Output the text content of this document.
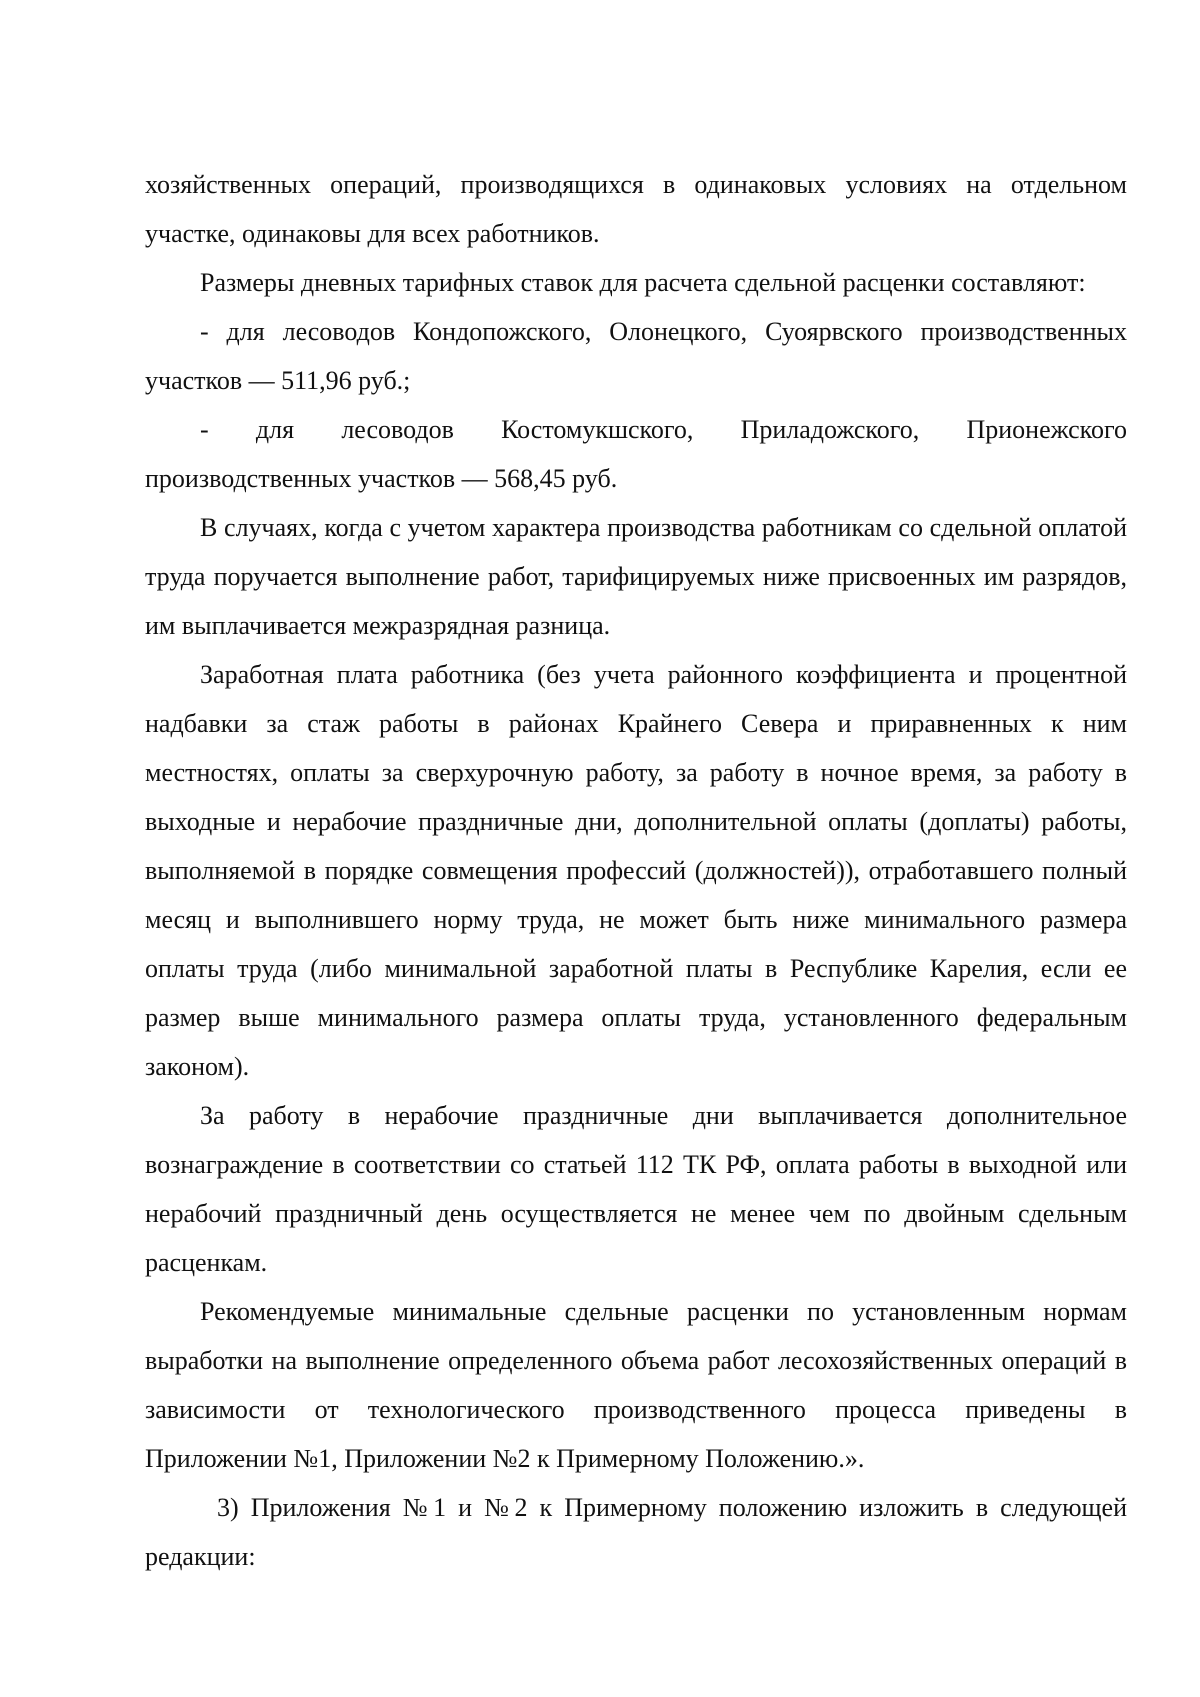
хозяйственных операций, производящихся в одинаковых условиях на отдельном участке, одинаковы для всех работников.

Размеры дневных тарифных ставок для расчета сдельной расценки составляют:

- для лесоводов Кондопожского, Олонецкого, Суоярвского производственных участков — 511,96 руб.;

- для лесоводов Костомукшского, Приладожского, Прионежского производственных участков — 568,45 руб.

В случаях, когда с учетом характера производства работникам со сдельной оплатой труда поручается выполнение работ, тарифицируемых ниже присвоенных им разрядов, им выплачивается межразрядная разница.

Заработная плата работника (без учета районного коэффициента и процентной надбавки за стаж работы в районах Крайнего Севера и приравненных к ним местностях, оплаты за сверхурочную работу, за работу в ночное время, за работу в выходные и нерабочие праздничные дни, дополнительной оплаты (доплаты) работы, выполняемой в порядке совмещения профессий (должностей)), отработавшего полный месяц и выполнившего норму труда, не может быть ниже минимального размера оплаты труда (либо минимальной заработной платы в Республике Карелия, если ее размер выше минимального размера оплаты труда, установленного федеральным законом).

За работу в нерабочие праздничные дни выплачивается дополнительное вознаграждение в соответствии со статьей 112 ТК РФ, оплата работы в выходной или нерабочий праздничный день осуществляется не менее чем по двойным сдельным расценкам.

Рекомендуемые минимальные сдельные расценки по установленным нормам выработки на выполнение определенного объема работ лесохозяйственных операций в зависимости от технологического производственного процесса приведены в Приложении №1, Приложении №2 к Примерному Положению.».

3) Приложения №1 и №2 к Примерному положению изложить в следующей редакции:
